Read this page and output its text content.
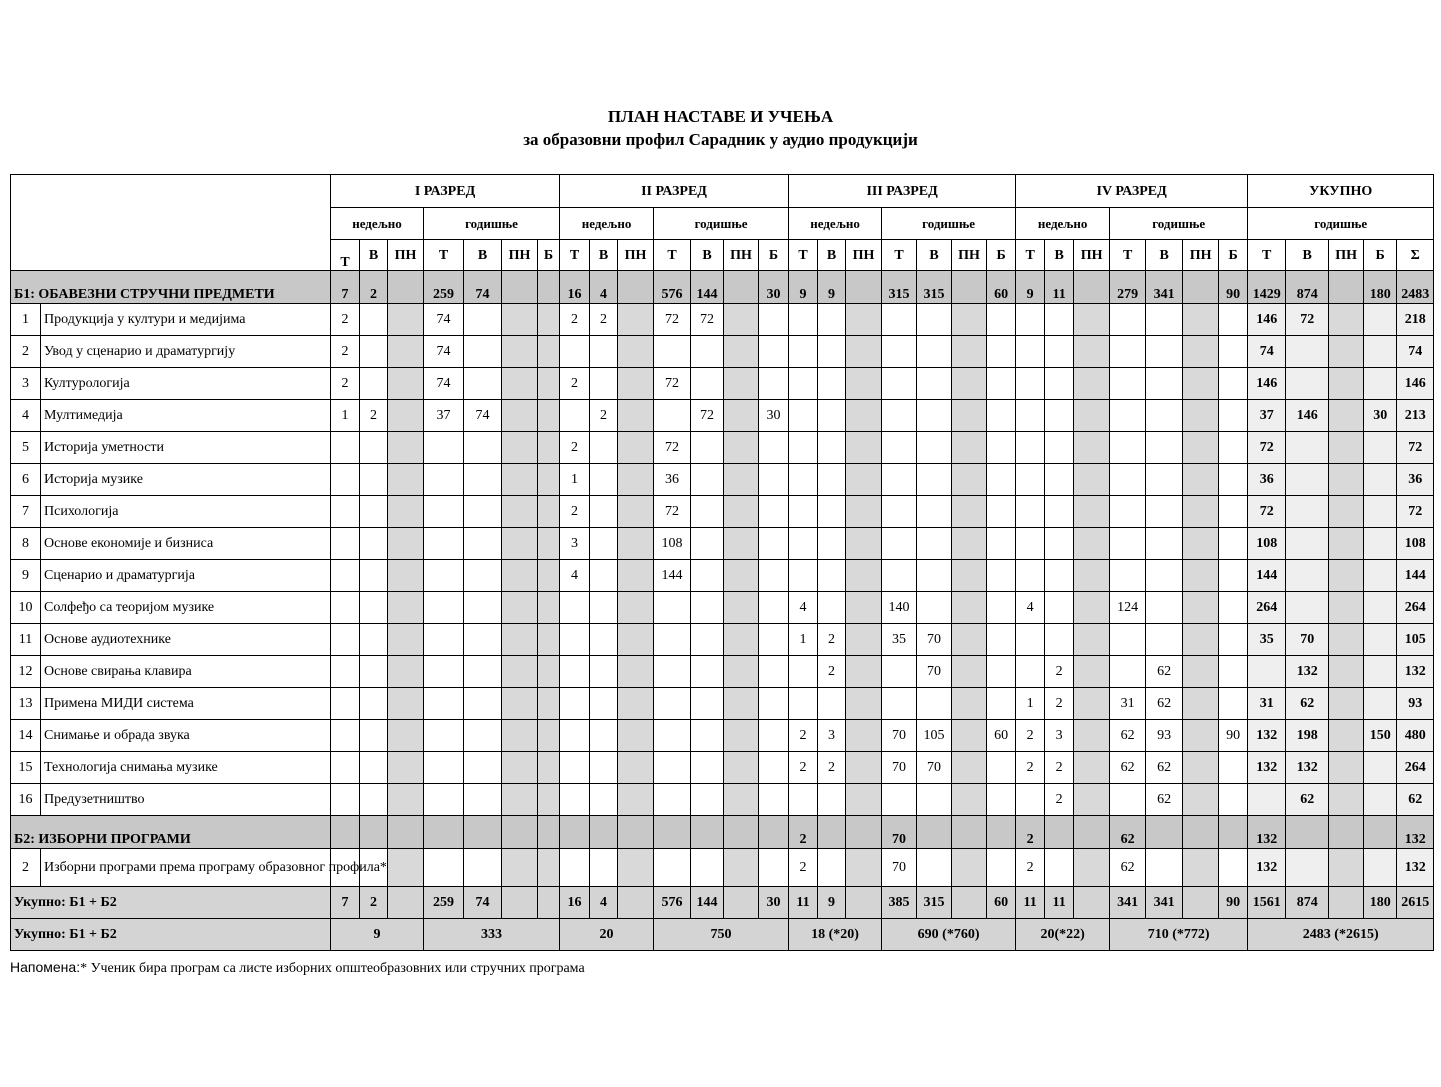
ПЛАН НАСТАВЕ И УЧЕЊА
за образовни профил Сарадник у аудио продукцији
		I РАЗРЕД							II РАЗРЕД							III РАЗРЕД							IV РАЗРЕД							УКУПНО				
		недељно			годишње				недељно			годишње				недељно			годишње				недељно			годишње				годишње				
		Т	В	ПН	Т	В	ПН	Б	Т	В	ПН	Т	В	ПН	Б	Т	В	ПН	Т	В	ПН	Б	Т	В	ПН	Т	В	ПН	Б	Т	В	ПН	Б	Σ
Б1: ОБАВЕЗНИ СТРУЧНИ ПРЕДМЕТИ		7	2		259	74			16	4		576	144		30	9	9		315	315		60	9	11		279	341		90	1429	874		180	2483
1	Продукција у култури и медијима	2			74				2	2		72	72																	146	72			218
2	Увод у сценарио и драматургију	2			74																									74				74
3	Културологија	2			74				2			72																		146				146
4	Мултимедија	1	2		37	74				2			72		30															37	146		30	213
5	Историја уметности								2			72																		72				72
6	Историја музике								1			36																		36				36
7	Психологија								2			72																		72				72
8	Основе економије и бизниса								3			108																		108				108
9	Сценарио и драматургија								4			144																		144				144
10	Солфеђо са теоријом музике															4			140				4			124				264				264
11	Основе аудиотехнике															1	2		35	70										35	70			105
12	Основе свирања клавира																2			70				2			62				132			132
13	Примена МИДИ система																						1	2		31	62			31	62			93
14	Снимање и обрада звука															2	3		70	105		60	2	3		62	93		90	132	198		150	480
15	Технологија снимања музике															2	2		70	70			2	2		62	62			132	132			264
16	Предузетништво																							2			62				62			62
Б2: ИЗБОРНИ ПРОГРАМИ																2			70				2			62				132				132
2	Изборни програми према програму образовног профила*															2			70				2			62				132				132
Укупно: Б1 + Б2		7	2		259	74			16	4		576	144		30	11	9		385	315		60	11	11		341	341		90	1561	874		180	2615
Укупно: Б1 + Б2		9			333				20			750				18 (*20)			690 (*760)				20(*22)			710 (*772)				2483 (*2615)				
Напомена:* Ученик бира програм са листе изборних општеобразовних или стручних програма
